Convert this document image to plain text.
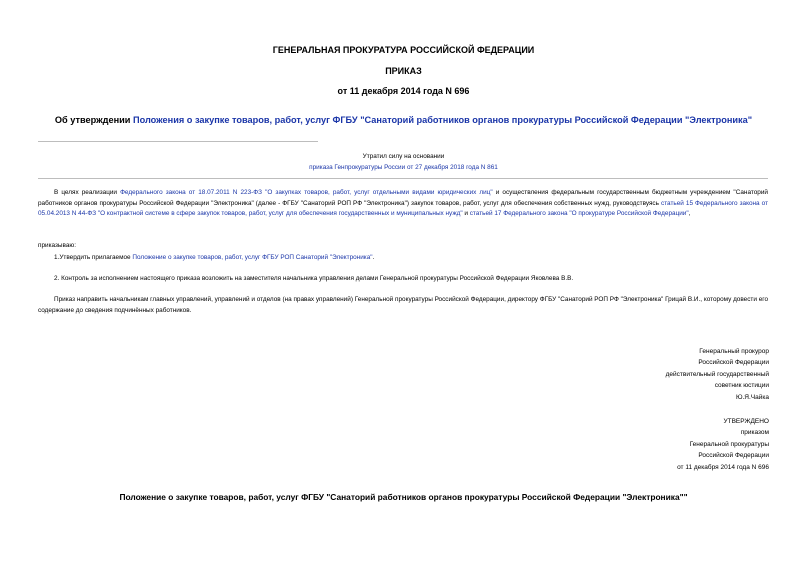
ГЕНЕРАЛЬНАЯ ПРОКУРАТУРА РОССИЙСКОЙ ФЕДЕРАЦИИ
ПРИКАЗ
от 11 декабря 2014 года N 696
Об утверждении Положения о закупке товаров, работ, услуг ФГБУ "Санаторий работников органов прокуратуры Российской Федерации "Электроника"
Утратил силу на основании
приказа Генпрокуратуры России от 27 декабря 2018 года N 861
В целях реализации Федерального закона от 18.07.2011 N 223-ФЗ "О закупках товаров, работ, услуг отдельными видами юридических лиц" и осуществления федеральным государственным бюджетным учреждением "Санаторий работников органов прокуратуры Российской Федерации "Электроника" (далее - ФГБУ "Санаторий РОП РФ "Электроника") закупок товаров, работ, услуг для обеспечения собственных нужд, руководствуясь статьей 15 Федерального закона от 05.04.2013 N 44-ФЗ "О контрактной системе в сфере закупок товаров, работ, услуг для обеспечения государственных и муниципальных нужд" и статьей 17 Федерального закона "О прокуратуре Российской Федерации",
приказываю:
1.Утвердить прилагаемое Положение о закупке товаров, работ, услуг ФГБУ РОП Санаторий "Электроника".
2. Контроль за исполнением настоящего приказа возложить на заместителя начальника управления делами Генеральной прокуратуры Российской Федерации Яковлева В.В.
Приказ направить начальникам главных управлений, управлений и отделов (на правах управлений) Генеральной прокуратуры Российской Федерации, директору ФГБУ "Санаторий РОП РФ "Электроника" Грицай В.И., которому довести его содержание до сведения подчинённых работников.
Генеральный прокурор
Российской Федерации
действительный государственный
советник юстиции
Ю.Я.Чайка
УТВЕРЖДЕНО
приказом
Генеральной прокуратуры
Российской Федерации
от 11 декабря 2014 года N 696
Положение о закупке товаров, работ, услуг ФГБУ "Санаторий работников органов прокуратуры Российской Федерации "Электроника""
